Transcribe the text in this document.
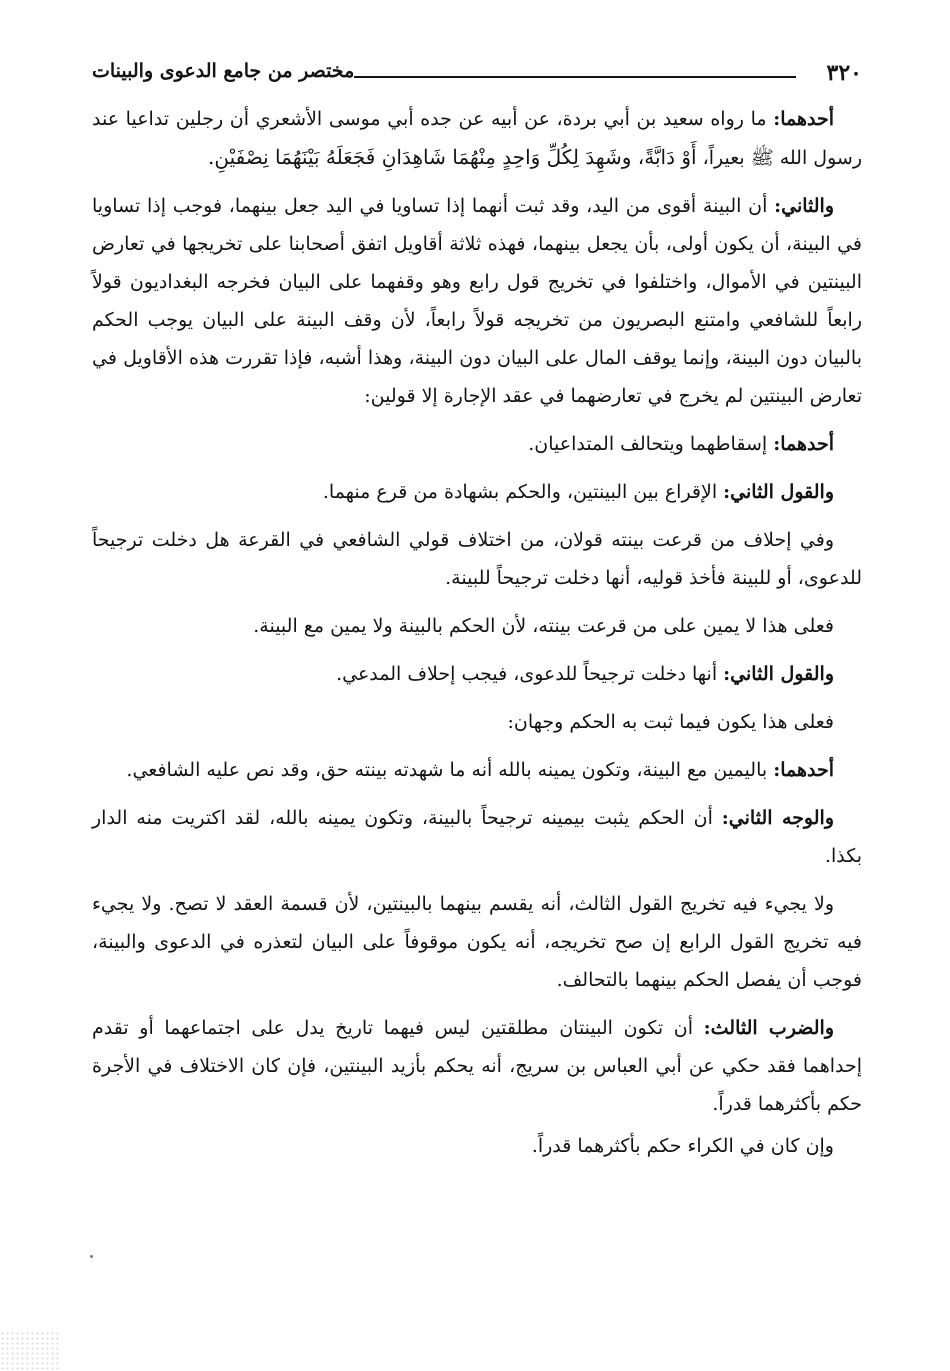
٣٢٠
مختصر من جامع الدعوى والبينات

أحدهما: ما رواه سعيد بن أبي بردة، عن أبيه عن جده أبي موسى الأشعري أن رجلين تداعيا عند رسول الله ﷺ بعيراً، أَوْ دَابَّةً، وشَهِدَ لِكُلِّ وَاحِدٍ مِنْهُمَا شَاهِدَانِ فَجَعَلَهُ بَيْنَهُمَا نِصْفَيْنِ.

والثاني: أن البينة أقوى من اليد، وقد ثبت أنهما إذا تساويا في اليد جعل بينهما، فوجب إذا تساويا في البينة، أن يكون أولى، بأن يجعل بينهما، فهذه ثلاثة أقاويل اتفق أصحابنا على تخريجها في تعارض البينتين في الأموال، واختلفوا في تخريج قول رابع وهو وقفهما على البيان فخرجه البغداديون قولاً رابعاً للشافعي وامتنع البصريون من تخريجه قولاً رابعاً، لأن وقف البينة على البيان يوجب الحكم بالبيان دون البينة، وإنما يوقف المال على البيان دون البينة، وهذا أشبه، فإذا تقررت هذه الأقاويل في تعارض البينتين لم يخرج في تعارضهما في عقد الإجارة إلا قولين:

أحدهما: إسقاطهما ويتحالف المتداعيان.

والقول الثاني: الإقراع بين البينتين، والحكم بشهادة من قرع منهما.

وفي إحلاف من قرعت بينته قولان، من اختلاف قولي الشافعي في القرعة هل دخلت ترجيحاً للدعوى، أو للبينة فأخذ قوليه، أنها دخلت ترجيحاً للبينة.

فعلى هذا لا يمين على من قرعت بينته، لأن الحكم بالبينة ولا يمين مع البينة.

والقول الثاني: أنها دخلت ترجيحاً للدعوى، فيجب إحلاف المدعي.

فعلى هذا يكون فيما ثبت به الحكم وجهان:

أحدهما: باليمين مع البينة، وتكون يمينه بالله أنه ما شهدته بينته حق، وقد نص عليه الشافعي.

والوجه الثاني: أن الحكم يثبت بيمينه ترجيحاً بالبينة، وتكون يمينه بالله، لقد اكتريت منه الدار بكذا.

ولا يجيء فيه تخريج القول الثالث، أنه يقسم بينهما بالبينتين، لأن قسمة العقد لا تصح. ولا يجيء فيه تخريج القول الرابع إن صح تخريجه، أنه يكون موقوفاً على البيان لتعذره في الدعوى والبينة، فوجب أن يفصل الحكم بينهما بالتحالف.

والضرب الثالث: أن تكون البينتان مطلقتين ليس فيهما تاريخ يدل على اجتماعهما أو تقدم إحداهما فقد حكي عن أبي العباس بن سريج، أنه يحكم بأزيد البينتين، فإن كان الاختلاف في الأجرة حكم بأكثرهما قدراً.

وإن كان في الكراء حكم بأكثرهما قدراً.
